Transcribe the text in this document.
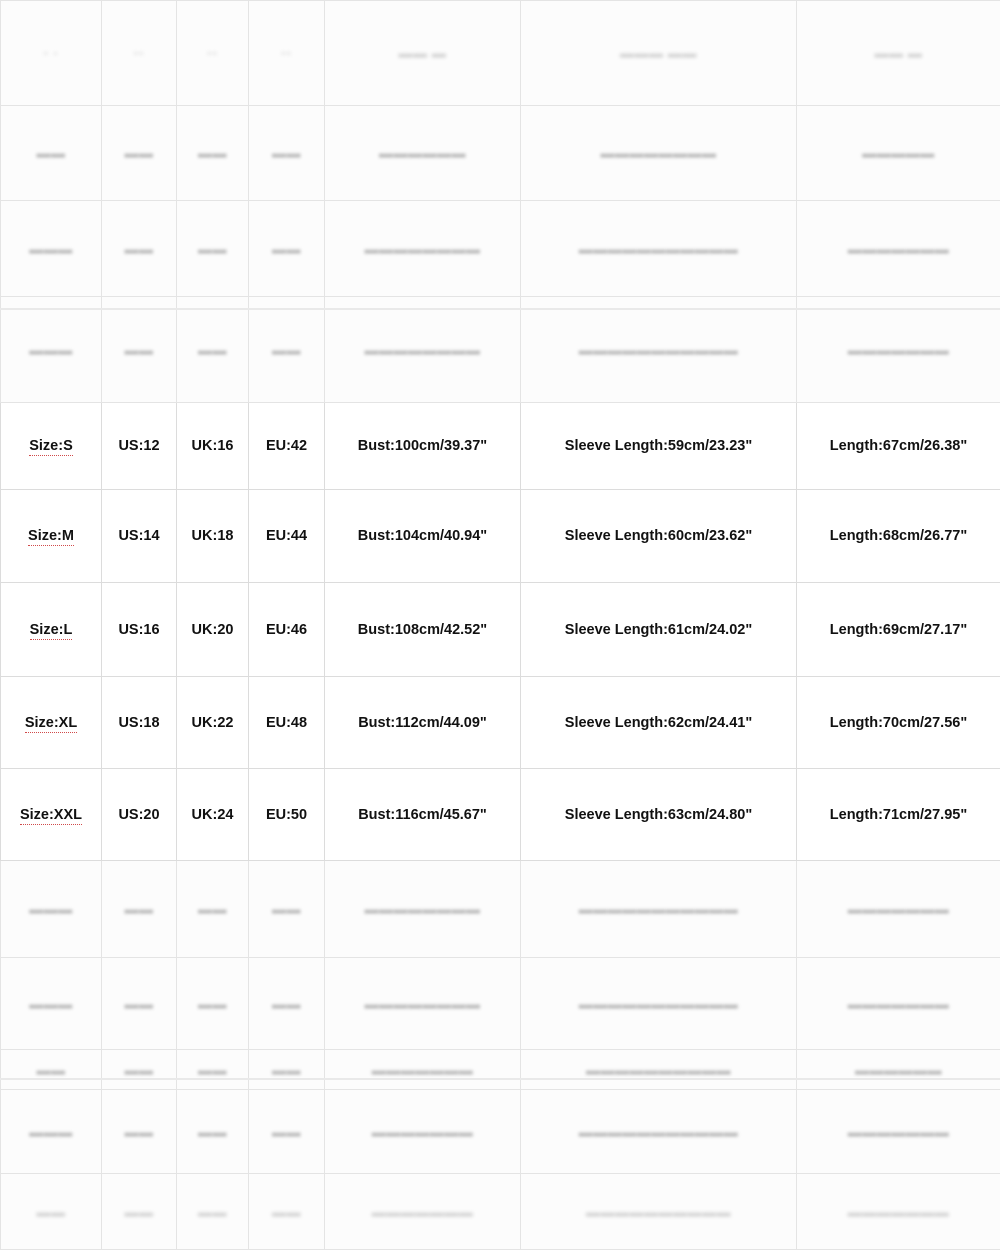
▫ ◦	▫▫	▫▫	▫▫	▬▬ ▬	▬▬▬ ▬▬	▬▬ ▬
▬▬	▬▬	▬▬	▬▬	▬▬▬▬▬▬	▬▬▬▬▬▬▬▬	▬▬▬▬▬
▬▬▬	▬▬	▬▬	▬▬	▬▬▬▬▬▬▬▬	▬▬▬▬▬▬▬▬▬▬▬	▬▬▬▬▬▬▬
▬▬▬	▬▬	▬▬	▬▬	▬▬▬▬▬▬▬▬	▬▬▬▬▬▬▬▬▬▬▬	▬▬▬▬▬▬▬
Size:S	US:12	UK:16	EU:42	Bust:100cm/39.37"	Sleeve Length:59cm/23.23"	Length:67cm/26.38"
Size:M	US:14	UK:18	EU:44	Bust:104cm/40.94"	Sleeve Length:60cm/23.62"	Length:68cm/26.77"
Size:L	US:16	UK:20	EU:46	Bust:108cm/42.52"	Sleeve Length:61cm/24.02"	Length:69cm/27.17"
Size:XL	US:18	UK:22	EU:48	Bust:112cm/44.09"	Sleeve Length:62cm/24.41"	Length:70cm/27.56"
Size:XXL	US:20	UK:24	EU:50	Bust:116cm/45.67"	Sleeve Length:63cm/24.80"	Length:71cm/27.95"
▬▬▬	▬▬	▬▬	▬▬	▬▬▬▬▬▬▬▬	▬▬▬▬▬▬▬▬▬▬▬	▬▬▬▬▬▬▬
▬▬▬	▬▬	▬▬	▬▬	▬▬▬▬▬▬▬▬	▬▬▬▬▬▬▬▬▬▬▬	▬▬▬▬▬▬▬
▬▬	▬▬	▬▬	▬▬	▬▬▬▬▬▬▬	▬▬▬▬▬▬▬▬▬▬	▬▬▬▬▬▬
▬▬▬	▬▬	▬▬	▬▬	▬▬▬▬▬▬▬	▬▬▬▬▬▬▬▬▬▬▬	▬▬▬▬▬▬▬
▬▬	▬▬	▬▬	▬▬	▬▬▬▬▬▬▬	▬▬▬▬▬▬▬▬▬▬	▬▬▬▬▬▬▬
